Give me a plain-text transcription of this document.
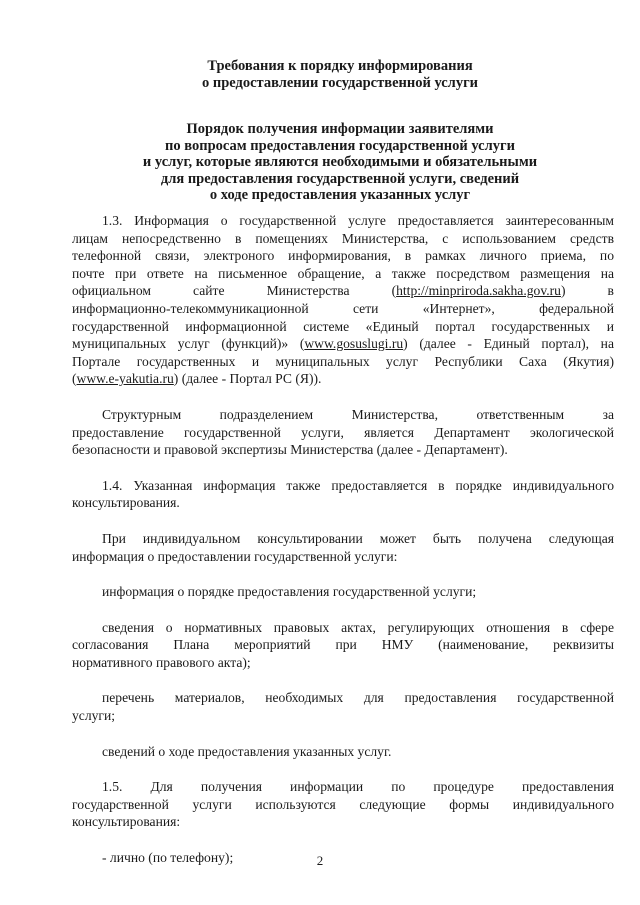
Требования к порядку информирования
о предоставлении государственной услуги
Порядок получения информации заявителями
по вопросам предоставления государственной услуги
и услуг, которые являются необходимыми и обязательными
для предоставления государственной услуги, сведений
о ходе предоставления указанных услуг
1.3. Информация о государственной услуге предоставляется заинтересованным
лицам непосредственно в помещениях Министерства, с использованием средств
телефонной связи, электроного информирования, в рамках личного приема, по
почте при ответе на письменное обращение, а также посредством размещения на
официальном	сайте	Министерства	(http://minpriroda.sakha.gov.ru)	в
информационно-телекоммуникационной	сети	«Интернет»,	федеральной
государственной информационной системе «Единый портал государственных и
муниципальных услуг (функций)» (www.gosuslugi.ru) (далее - Единый портал), на
Портале государственных и муниципальных услуг Республики Саха (Якутия)
(www.e-yakutia.ru) (далее - Портал РС (Я)).
Структурным	подразделением	Министерства,	ответственным	за
предоставление государственной услуги, является Департамент экологической
безопасности и правовой экспертизы Министерства (далее - Департамент).
1.4. Указанная информация также предоставляется в порядке индивидуального
консультирования.
При индивидуальном консультировании может быть получена следующая
информация о предоставлении государственной услуги:
информация о порядке предоставления государственной услуги;
сведения о нормативных правовых актах, регулирующих отношения в сфере
согласования Плана мероприятий при НМУ (наименование, реквизиты
нормативного правового акта);
перечень материалов, необходимых для предоставления государственной
услуги;
сведений о ходе предоставления указанных услуг.
1.5. Для получения информации по процедуре предоставления
государственной услуги используются следующие формы индивидуального
консультирования:
- лично (по телефону);	2
